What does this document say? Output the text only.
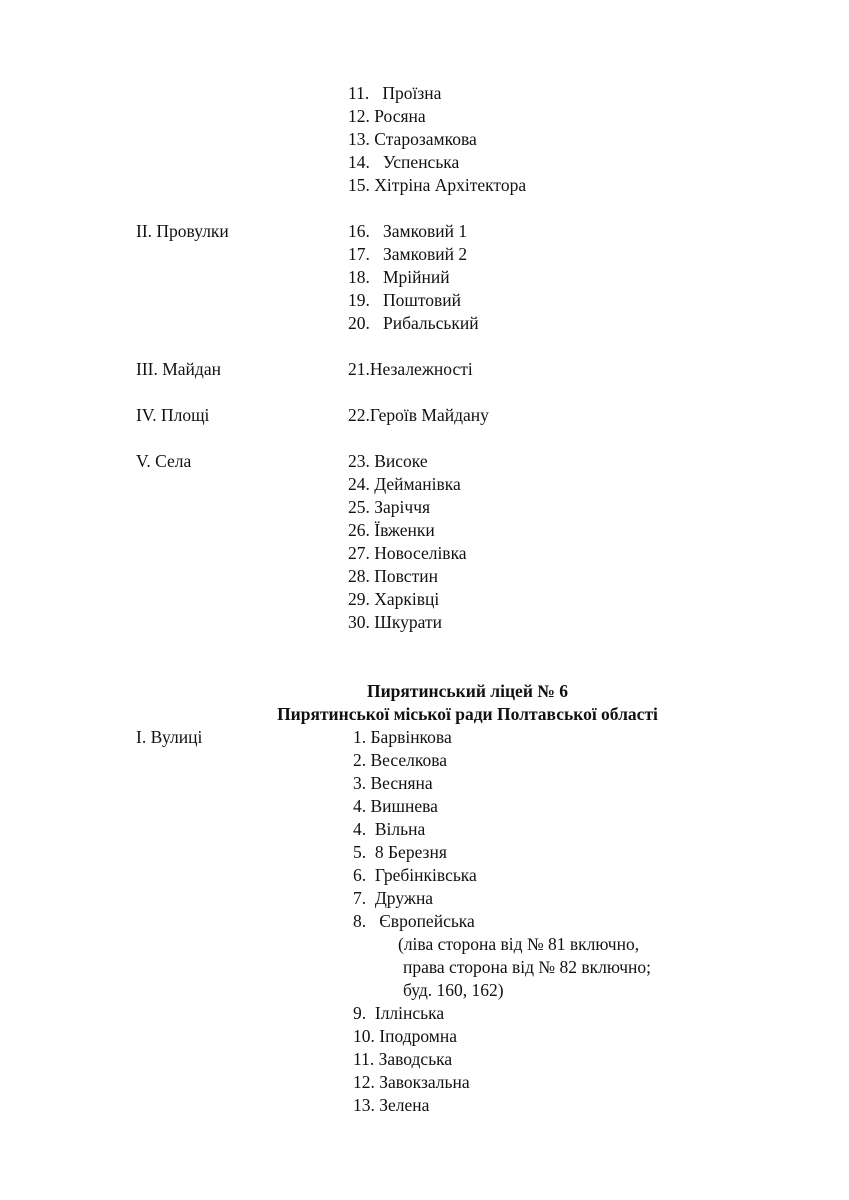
11.   Проїзна
12. Росяна
13. Старозамкова
14.   Успенська
15. Хітріна Архітектора
II. Провулки	16.   Замковий 1
17.   Замковий 2
18.   Мрійний
19.   Поштовий
20.   Рибальський
III. Майдан	21.Незалежності
IV. Площі	22.Героїв Майдану
V. Села	23. Високе
24. Дейманівка
25. Заріччя
26. Ївженки
27. Новоселівка
28. Повстин
29. Харківці
30. Шкурати
Пирятинський ліцей № 6
Пирятинської міської ради Полтавської області
I. Вулиці	1. Барвінкова
2. Веселкова
3. Весняна
4. Вишнева
4.  Вільна
5.  8 Березня
6.  Гребінківська
7.  Дружна
8.   Європейська
(ліва сторона від № 81 включно,
права сторона від № 82 включно;
буд. 160, 162)
9.  Іллінська
10. Іподромна
11. Заводська
12. Завокзальна
13. Зелена
